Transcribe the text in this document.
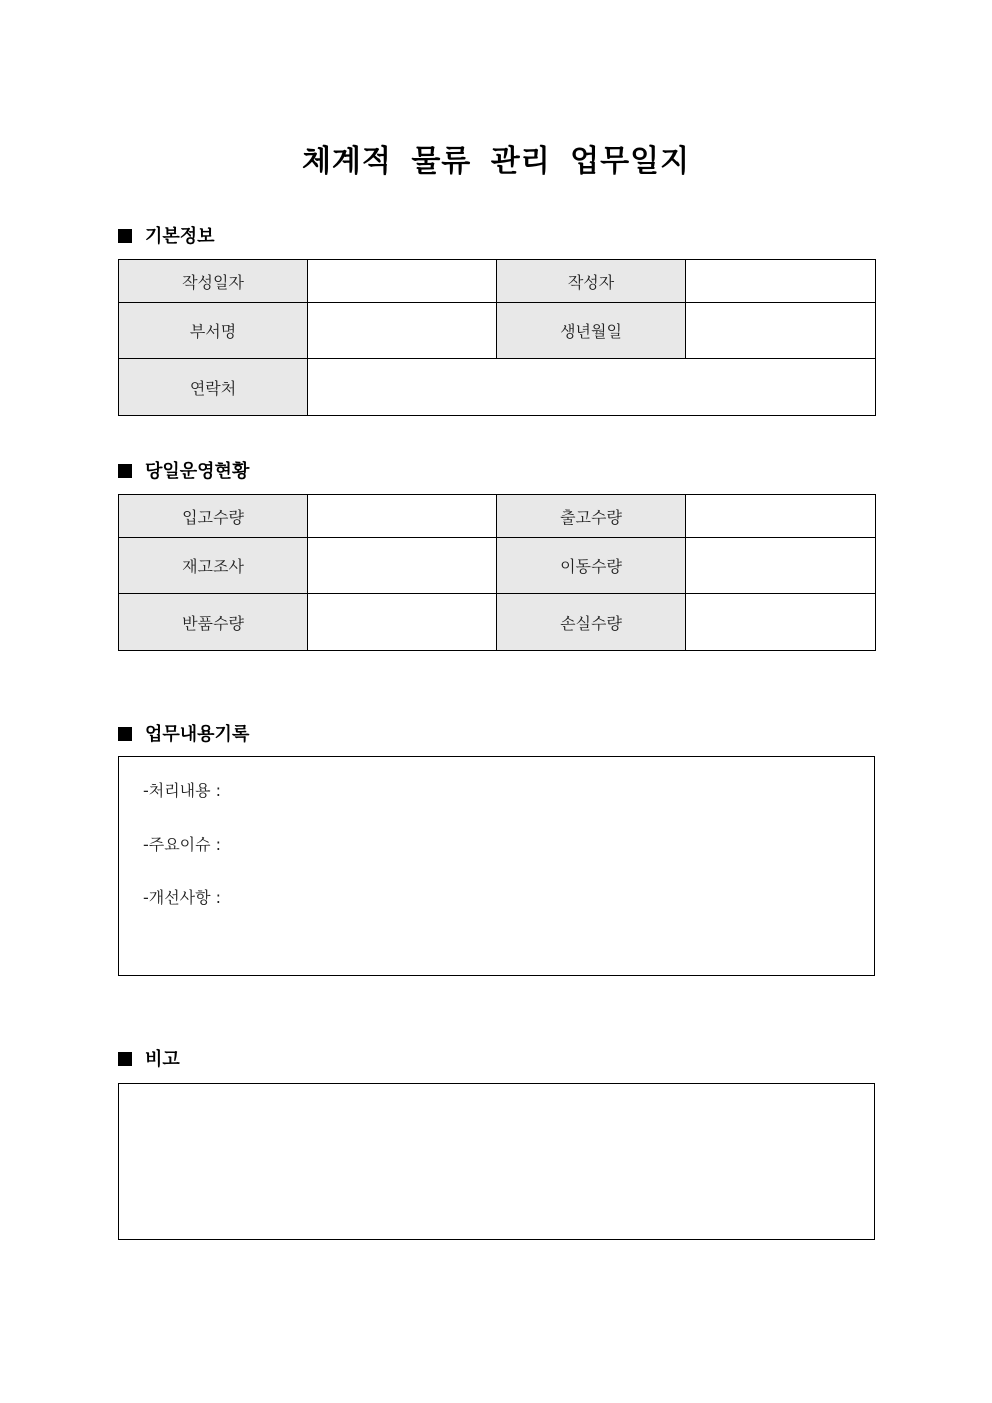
체계적 물류 관리 업무일지
기본정보
작성일자		작성자	
부서명		생년월일	
연락처			
당일운영현황
입고수량		출고수량	
재고조사		이동수량	
반품수량		손실수량	
업무내용기록
-처리내용 :
-주요이슈 :
-개선사항 :
비고
